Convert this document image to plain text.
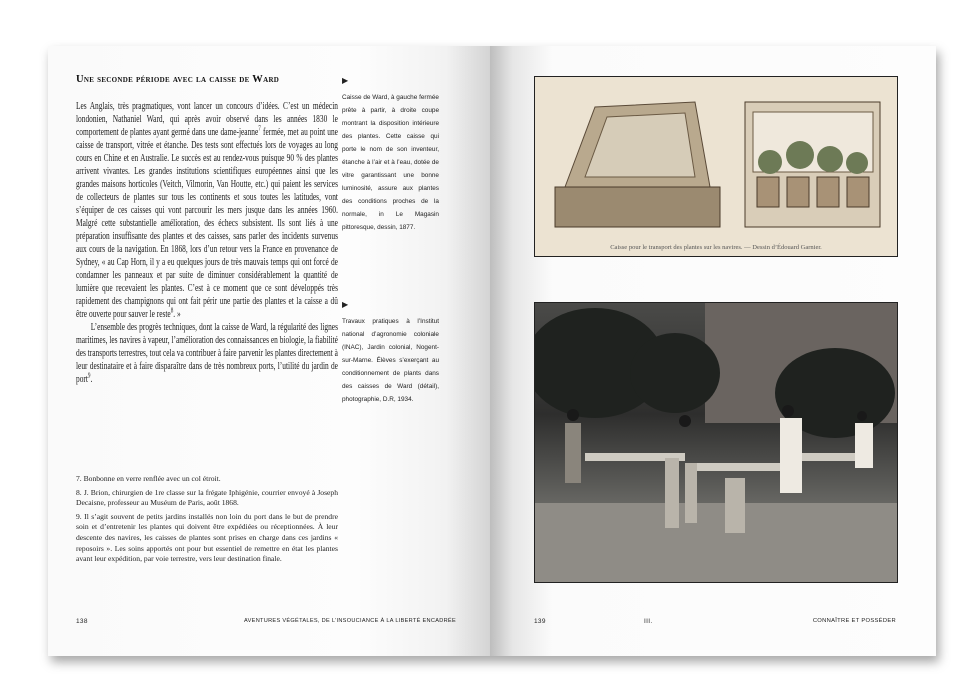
Une seconde période avec la caisse de Ward

Les Anglais, très pragmatiques, vont lancer un concours d’idées. C’est un médecin londonien, Nathaniel Ward, qui après avoir observé dans les années 1830 le comportement de plantes ayant germé dans une dame-jeanne$^7$ fermée, met au point une caisse de transport, vitrée et étanche. Des tests sont effectués lors de voyages au long cours en Chine et en Australie. Le succès est au rendez-vous puisque 90 % des plantes arrivent vivantes. Les grandes institutions scientifiques européennes ainsi que les grandes maisons horticoles (Veitch, Vilmorin, Van Houtte, etc.) qui paient les services de collecteurs de plantes sur tous les continents et sous toutes les latitudes, vont s’équiper de ces caisses qui vont parcourir les mers jusque dans les années 1960. Malgré cette substantielle amélioration, des échecs subsistent. Ils sont liés à une préparation insuffisante des plantes et des caisses, sans parler des incidents survenus aux cours de la navigation. En 1868, lors d’un retour vers la France en provenance de Sydney, « au Cap Horn, il y a eu quelques jours de très mauvais temps qui ont forcé de condamner les panneaux et par suite de diminuer considérablement la quantité de lumière que recevaient les plantes. C’est à ce moment que ce sont développés très rapidement des champignons qui ont fait périr une partie des plantes et la caisse a dû être ouverte pour sauver le reste$^8$. »

L’ensemble des progrès techniques, dont la caisse de Ward, la régularité des lignes maritimes, les navires à vapeur, l’amélioration des connaissances en biologie, la fiabilité des transports terrestres, tout cela va contribuer à faire parvenir les plantes directement à leur destinataire et à faire disparaître dans de très nombreux ports, l’utilité du jardin de port$^9$.

7. Bonbonne en verre renflée avec un col étroit.

8. J. Brion, chirurgien de 1re classe sur la frégate Iphigénie, courrier envoyé à Joseph Decaisne, professeur au Muséum de Paris, août 1868.

9. Il s’agit souvent de petits jardins installés non loin du port dans le but de prendre soin et d’entretenir les plantes qui doivent être expédiées ou réceptionnées. À leur descente des navires, les caisses de plantes sont prises en charge dans ces jardins « reposoirs ». Les soins apportés ont pour but essentiel de remettre en état les plantes avant leur expédition, par voie terrestre, vers leur destination finale.

138	AVENTURES VÉGÉTALES, DE L’INSOUCIANCE À LA LIBERTÉ ENCADRÉE
▶
Caisse de Ward, à gauche fermée prête à partir, à droite coupe montrant la disposition intérieure des plantes. Cette caisse qui porte le nom de son inventeur, étanche à l’air et à l’eau, dotée de vitre garantissant une bonne luminosité, assure aux plantes des conditions proches de la normale, in Le Magasin pittoresque, dessin, 1877.
▶
Travaux pratiques à l’Institut national d’agronomie coloniale (INAC), Jardin colonial, Nogent-sur-Marne. Élèves s’exerçant au conditionnement de plants dans des caisses de Ward (détail), photographie, D.R, 1934.
Caisse pour le transport des plantes sur les navires. — Dessin d’Édouard Garnier.
139	III.	CONNAÎTRE ET POSSÉDER
